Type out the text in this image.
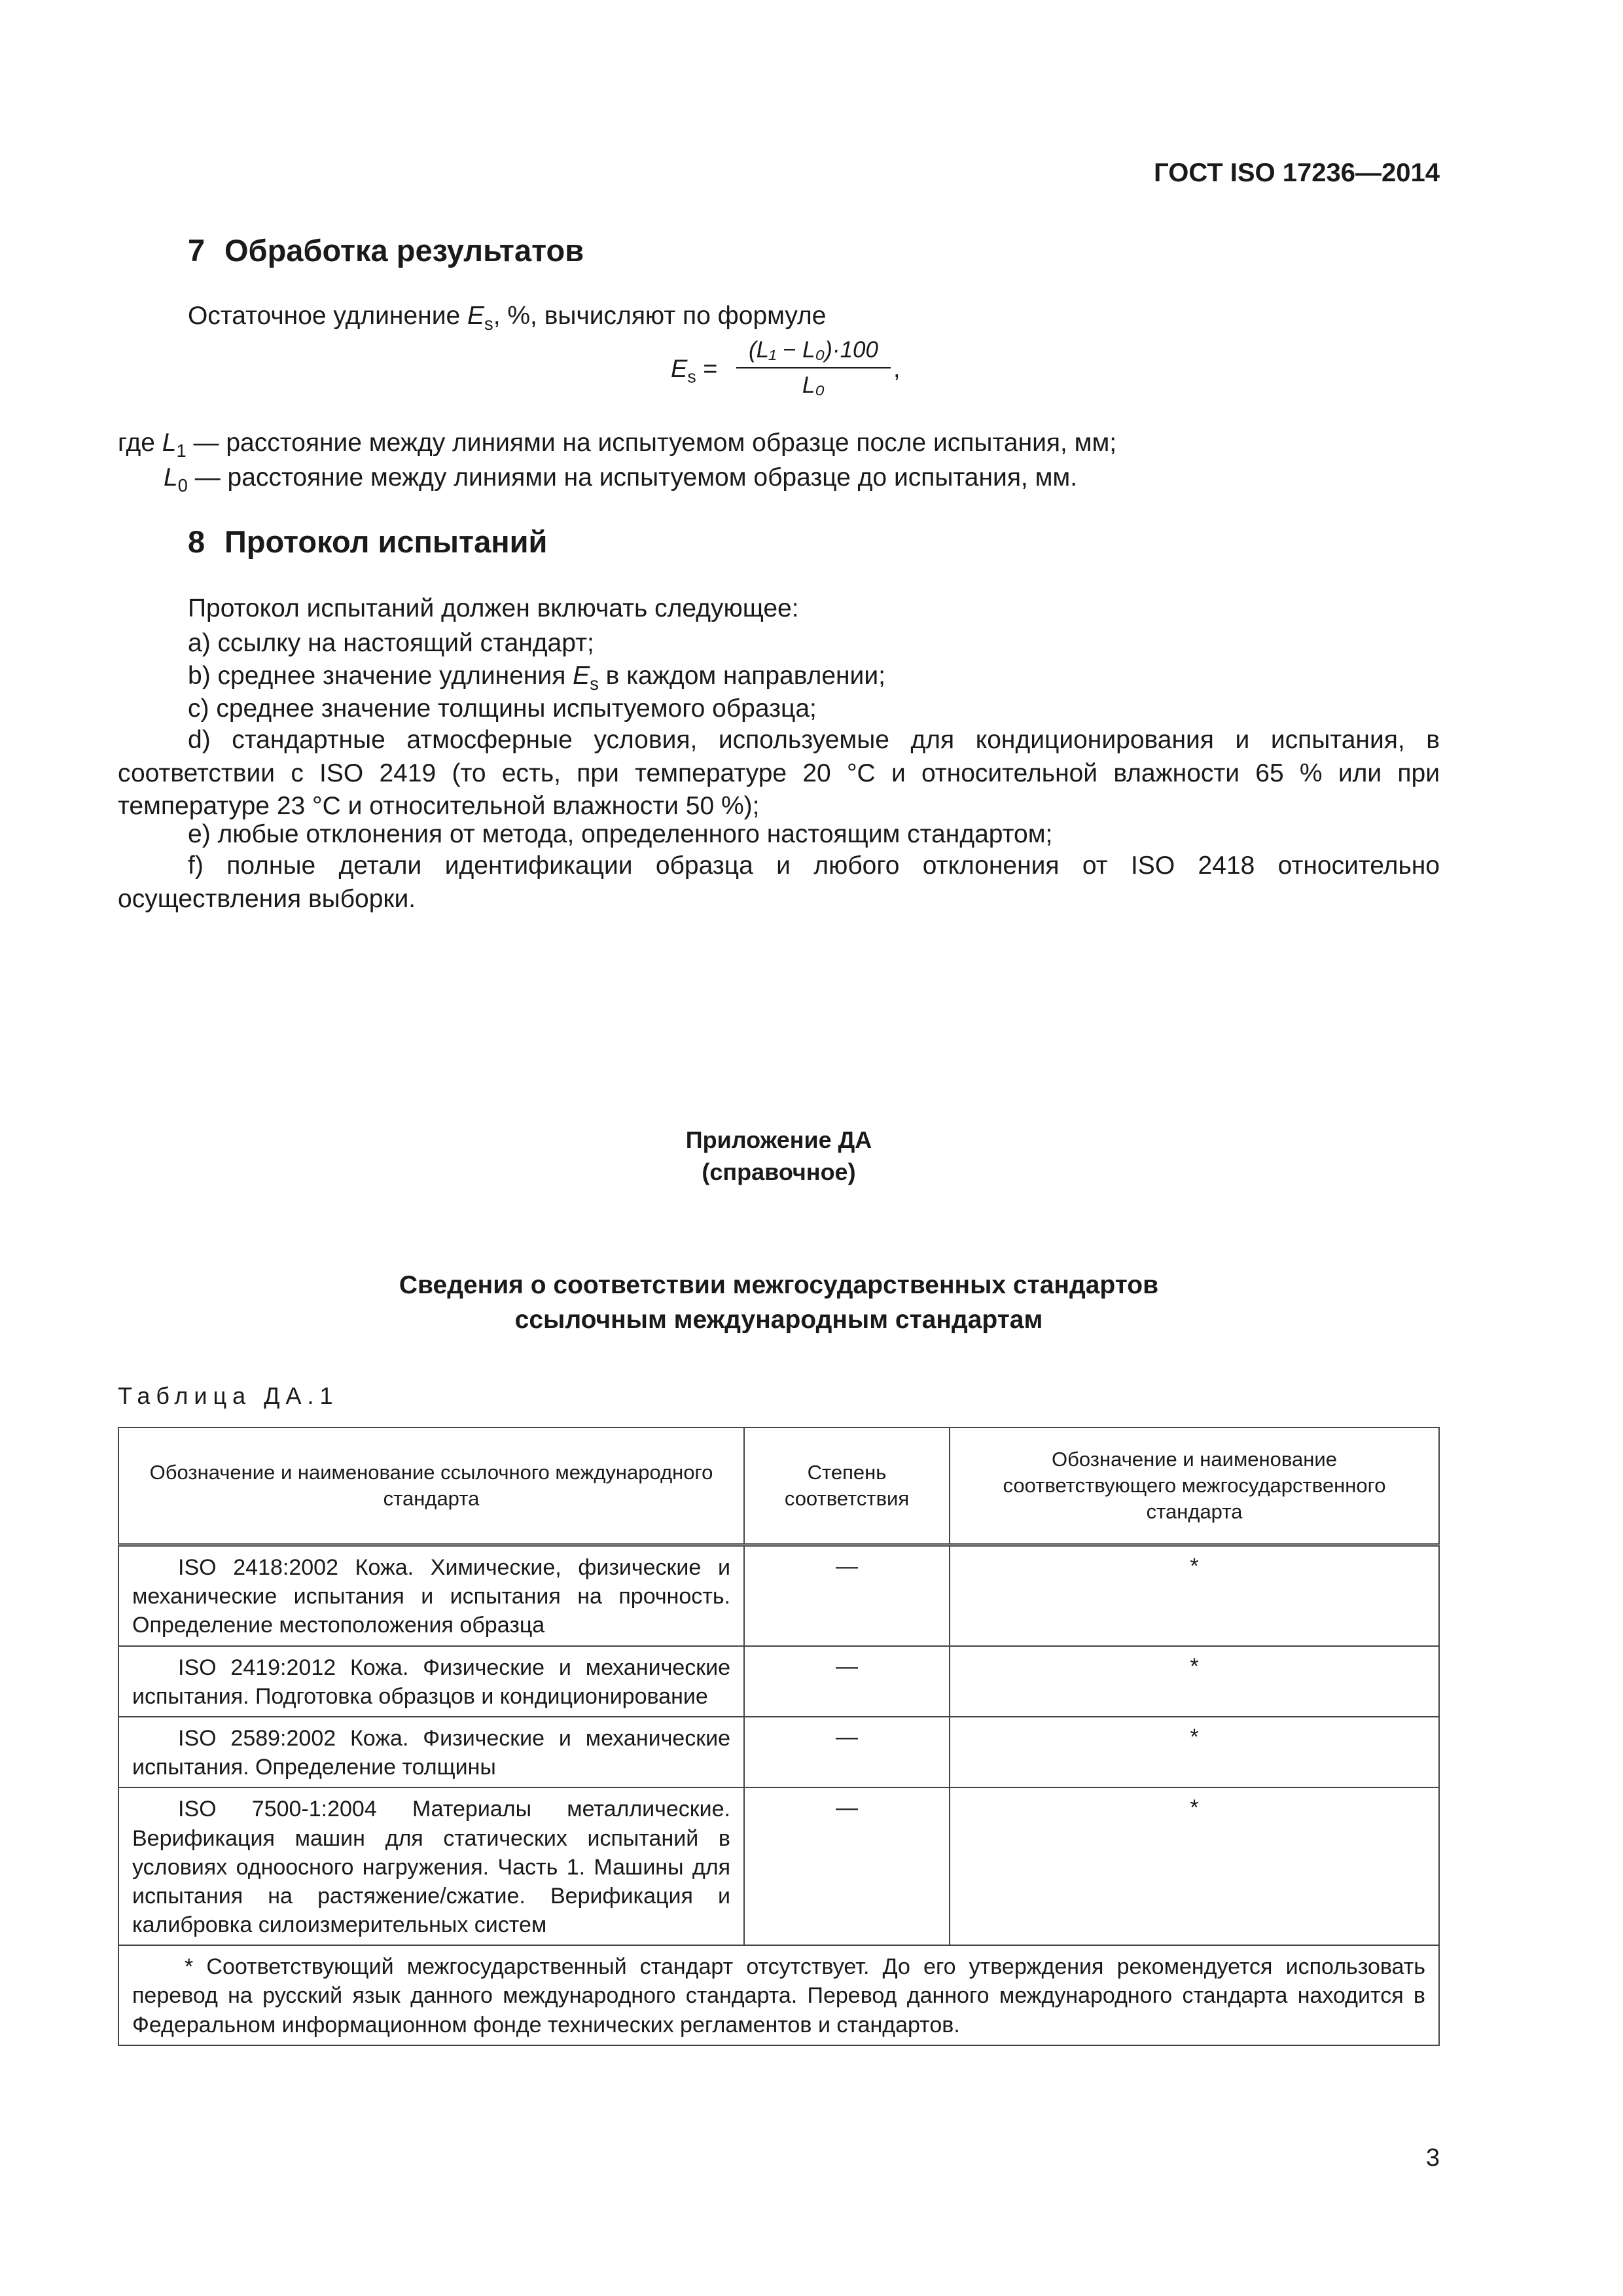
ГОСТ ISO 17236—2014
7 Обработка результатов

Остаточное удлинение $E_s$, %, вычисляют по формуле

$E_s = \frac{\text{(L₁ − L₀)·100}}{\text{L₀}}$ ,
где $L_1$ — расстояние между линиями на испытуемом образце после испытания, мм;
$L_0$ — расстояние между линиями на испытуемом образце до испытания, мм.
8 Протокол испытаний

Протокол испытаний должен включать следующее:

a) ссылку на настоящий стандарт;

b) среднее значение удлинения $E_s$ в каждом направлении;

c) среднее значение толщины испытуемого образца;

d) стандартные атмосферные условия, используемые для кондиционирования и испытания, в соответствии с ISO 2419 (то есть, при температуре 20 °С и относительной влажности 65 % или при температуре 23 °С и относительной влажности 50 %);

e) любые отклонения от метода, определенного настоящим стандартом;

f) полные детали идентификации образца и любого отклонения от ISO 2418 относительно осуществления выборки.

Приложение ДА
(справочное)
Сведения о соответствии межгосударственных стандартов
ссылочным международным стандартам
Таблица ДА.1
Обозначение и наименование ссылочного международного стандарта	Степень соответствия	Обозначение и наименование соответствующего межгосударственного стандарта
ISO 2418:2002 Кожа. Химические, физические и механические испытания и испытания на прочность. Определение местоположения образца	—	*
ISO 2419:2012 Кожа. Физические и механические испытания. Подготовка образцов и кондиционирование	—	*
ISO 2589:2002 Кожа. Физические и механические испытания. Определение толщины	—	*
ISO 7500-1:2004 Материалы металлические. Верификация машин для статических испытаний в условиях одноосного нагружения. Часть 1. Машины для испытания на растяжение/сжатие. Верификация и калибровка силоизмерительных систем	—	*
* Соответствующий межгосударственный стандарт отсутствует. До его утверждения рекомендуется использовать перевод на русский язык данного международного стандарта. Перевод данного международного стандарта находится в Федеральном информационном фонде технических регламентов и стандартов.		
3
